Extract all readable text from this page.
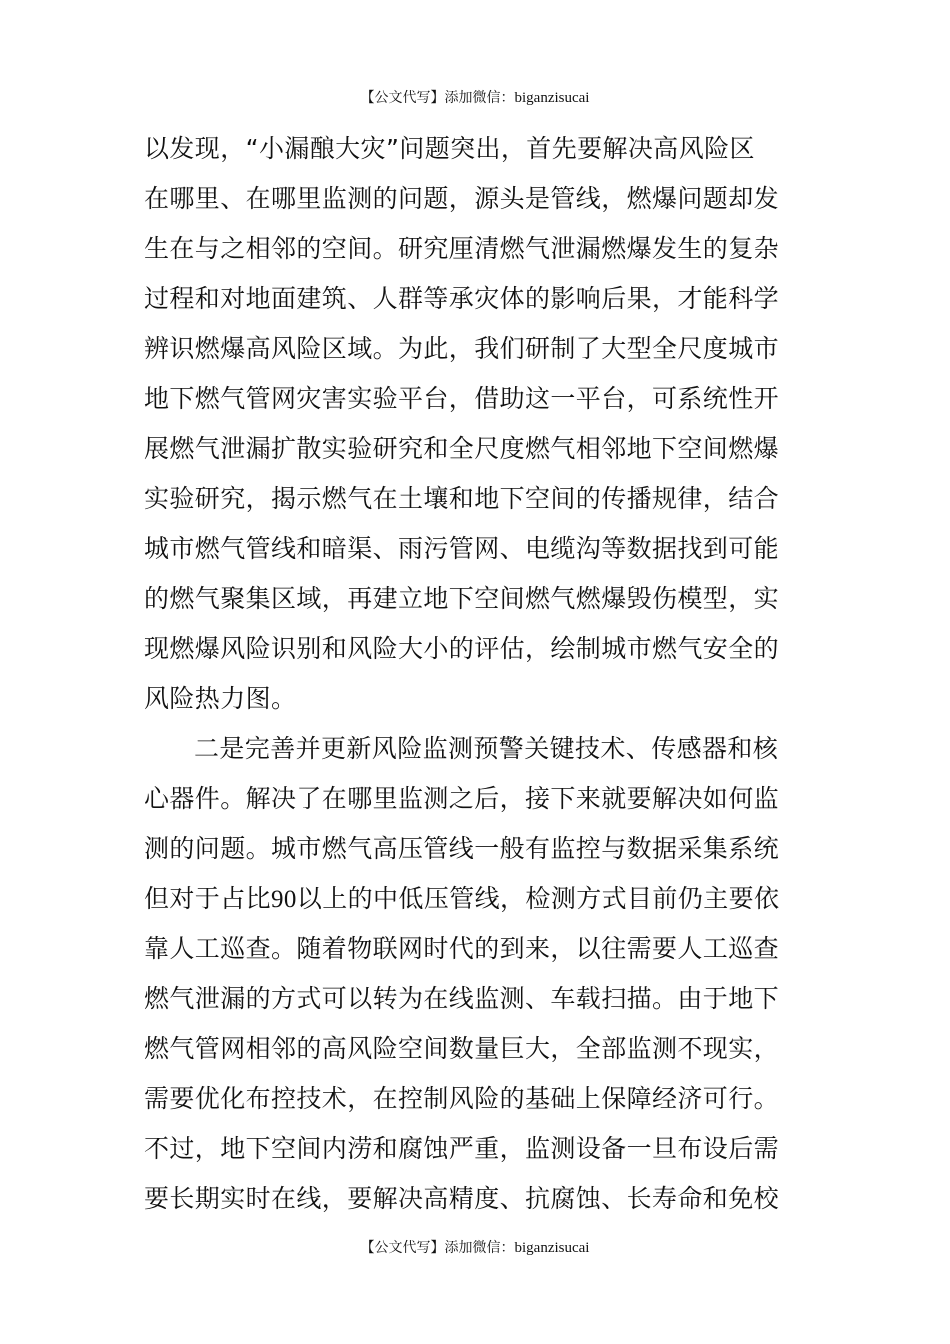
【公文代写】添加微信：biganzisucai
以发现，“小漏酿大灾”问题突出，首先要解决高风险区
在哪里、在哪里监测的问题，源头是管线，燃爆问题却发
生在与之相邻的空间。研究厘清燃气泄漏燃爆发生的复杂
过程和对地面建筑、人群等承灾体的影响后果，才能科学
辨识燃爆高风险区域。为此，我们研制了大型全尺度城市
地下燃气管网灾害实验平台，借助这一平台，可系统性开
展燃气泄漏扩散实验研究和全尺度燃气相邻地下空间燃爆
实验研究，揭示燃气在土壤和地下空间的传播规律，结合
城市燃气管线和暗渠、雨污管网、电缆沟等数据找到可能
的燃气聚集区域，再建立地下空间燃气燃爆毁伤模型，实
现燃爆风险识别和风险大小的评估，绘制城市燃气安全的
风险热力图。
二是完善并更新风险监测预警关键技术、传感器和核
心器件。解决了在哪里监测之后，接下来就要解决如何监
测的问题。城市燃气高压管线一般有监控与数据采集系统
但对于占比90以上的中低压管线，检测方式目前仍主要依
靠人工巡查。随着物联网时代的到来，以往需要人工巡查
燃气泄漏的方式可以转为在线监测、车载扫描。由于地下
燃气管网相邻的高风险空间数量巨大，全部监测不现实，
需要优化布控技术，在控制风险的基础上保障经济可行。
不过，地下空间内涝和腐蚀严重，监测设备一旦布设后需
要长期实时在线，要解决高精度、抗腐蚀、长寿命和免校
【公文代写】添加微信：biganzisucai
